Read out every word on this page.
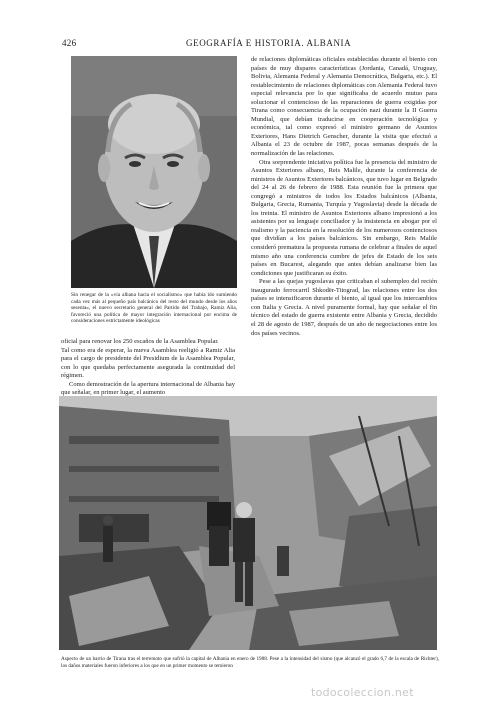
426	GEOGRAFÍA E HISTORIA. ALBANIA
Sin renegar de la «vía albana hacia el socialismo» que había ido sumiendo cada vez más al pequeño país balcánico del resto del mundo desde los años sesenta», el nuevo secretario general del Partido del Trabajo, Ramiz Alia, favoreció una política de mayor integración internacional por encima de consideraciones estrictamente ideológicas

oficial para renovar los 250 escaños de la Asamblea Popular.

Tal como era de esperar, la nueva Asamblea reeligió a Ramiz Alia para el cargo de presidente del Presidium de la Asamblea Popular, con lo que quedaba perfectamente asegurada la continuidad del régimen.

Como demostración de la apertura internacional de Albania hay que señalar, en primer lugar, el aumento

de relaciones diplomáticas oficiales establecidas durante el bienio con países de muy dispares características (Jordania, Canadá, Uruguay, Bolivia, Alemania Federal y Alemania Democrática, Bulgaria, etc.). El restablecimiento de relaciones diplomáticas con Alemania Federal tuvo especial relevancia por lo que significaba de acuerdo mutuo para solucionar el contencioso de las reparaciones de guerra exigidas por Tirana como consecuencia de la ocupación nazi durante la II Guerra Mundial, que debían traducirse en cooperación tecnológica y económica, tal como expresó el ministro germano de Asuntos Exteriores, Hans Dietrich Genscher, durante la visita que efectuó a Albania el 23 de octubre de 1987, pocas semanas después de la normalización de las relaciones.

Otra sorprendente iniciativa política fue la presencia del ministro de Asuntos Exteriores albano, Reis Malile, durante la conferencia de ministros de Asuntos Exteriores balcánicos, que tuvo lugar en Belgrado del 24 al 26 de febrero de 1988. Esta reunión fue la primera que congregó a ministros de todos los Estados balcánicos (Albania, Bulgaria, Grecia, Rumania, Turquía y Yugoslavia) desde la década de los treinta. El ministro de Asuntos Exteriores albano impresionó a los asistentes por su lenguaje conciliador y la insistencia en abogar por el realismo y la paciencia en la resolución de los numerosos contenciosos que dividían a los países balcánicos. Sin embargo, Reis Malile consideró prematura la propuesta rumana de celebrar a finales de aquel mismo año una conferencia cumbre de jefes de Estado de los seis países en Bucarest, alegando que antes debían analizarse bien las condiciones que justificaran su éxito.

Pese a las quejas yugoslavas que criticaban el subempleo del recién inaugurado ferrocarril Shkodër-Titograd, las relaciones entre los dos países se intensificaron durante el bienio, al igual que los intercambios con Italia y Grecia. A nivel puramente formal, hay que señalar el fin técnico del estado de guerra existente entre Albania y Grecia, decidido el 28 de agosto de 1987, después de un año de negociaciones entre los dos países vecinos.

Aspecto de un barrio de Tirana tras el terremoto que sufrió la capital de Albania en enero de 1988. Pese a la intensidad del sismo (que alcanzó el grado 6,7 de la escala de Richter), los daños materiales fueron inferiores a los que en un primer momento se temieron
todocoleccion.net
